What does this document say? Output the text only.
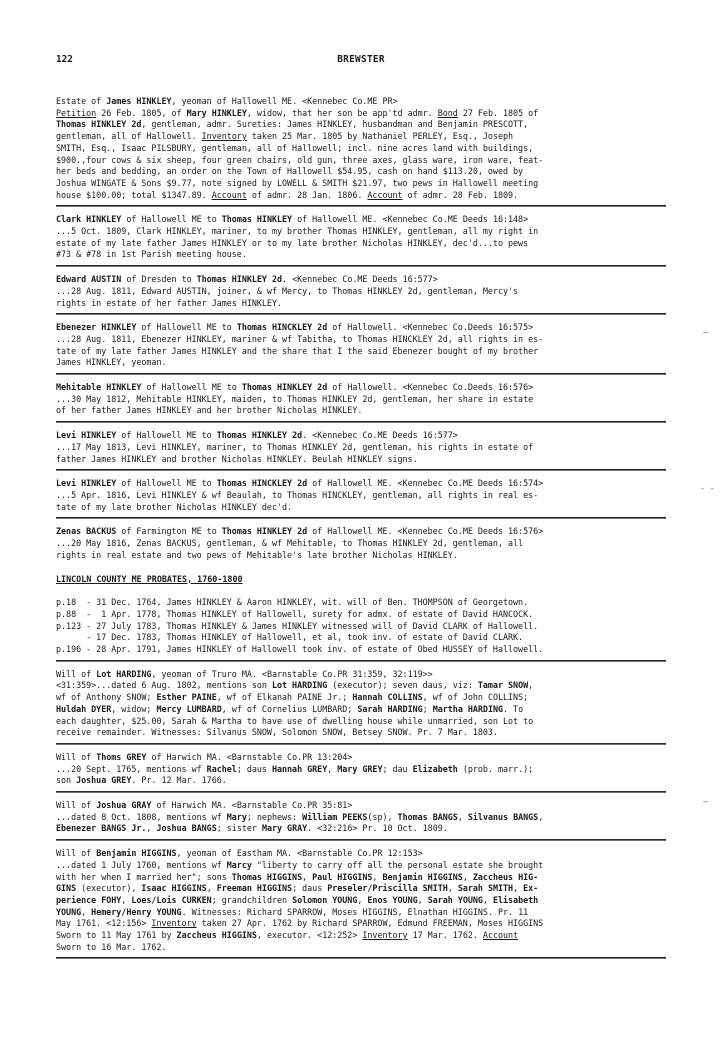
122	BREWSTER
Estate of James HINKLEY, yeoman of Hallowell ME. <Kennebec Co.ME PR>
Petition 26 Feb. 1805, of Mary HINKLEY, widow, that her son be app'td admr. Bond 27 Feb. 1805 of
Thomas HINKLEY 2d, gentleman, admr. Sureties: James HINKLEY, husbandman and Benjamin PRESCOTT,
gentleman, all of Hallowell. Inventory taken 25 Mar. 1805 by Nathaniel PERLEY, Esq., Joseph
SMITH, Esq., Isaac PILSBURY, gentleman, all of Hallowell; incl. nine acres land with buildings,
$900.,four cows & six sheep, four green chairs, old gun, three axes, glass ware, iron ware, feat-
her beds and bedding, an order on the Town of Hallowell $54.95, cash on hand $113.20, owed by
Joshua WINGATE & Sons $9.77, note signed by LOWELL & SMITH $21.97, two pews in Hallowell meeting
house $100.00; total $1347.89. Account of admr. 28 Jan. 1806. Account of admr. 28 Feb. 1809.
Clark HINKLEY of Hallowell ME to Thomas HINKLEY of Hallowell ME. <Kennebec Co.ME Deeds 16:148>
...5 Oct. 1809, Clark HINKLEY, mariner, to my brother Thomas HINKLEY, gentleman, all my right in
estate of my late father James HINKLEY or to my late brother Nicholas HINKLEY, dec'd...to pews
#73 & #78 in 1st Parish meeting house.
Edward AUSTIN of Dresden to Thomas HINKLEY 2d. <Kennebec Co.ME Deeds 16:577>
...28 Aug. 1811, Edward AUSTIN, joiner, & wf Mercy, to Thomas HINKLEY 2d, gentleman, Mercy's
rights in estate of her father James HINKLEY.
Ebenezer HINKLEY of Hallowell ME to Thomas HINCKLEY 2d of Hallowell. <Kennebec Co.Deeds 16:575>
...28 Aug. 1811, Ebenezer HINKLEY, mariner & wf Tabitha, to Thomas HINCKLEY 2d, all rights in es-
tate of my late father James HINKLEY and the share that I the said Ebenezer bought of my brother
James HINKLEY, yeoman.
Mehitable HINKLEY of Hallowell ME to Thomas HINKLEY 2d of Hallowell. <Kennebec Co.Deeds 16:576>
...30 May 1812, Mehitable HINKLEY, maiden, to Thomas HINKLEY 2d, gentleman, her share in estate
of her father James HINKLEY and her brother Nicholas HINKLEY.
Levi HINKLEY of Hallowell ME to Thomas HINKLEY 2d. <Kennebec Co.ME Deeds 16:577>
...17 May 1813, Levi HINKLEY, mariner, to Thomas HINKLEY 2d, gentleman, his rights in estate of
father James HINKLEY and brother Nicholas HINKLEY. Beulah HINKLEY signs.
Levi HINKLEY of Hallowell ME to Thomas HINCKLEY 2d of Hallowell ME. <Kennebec Co.ME Deeds 16:574>
...5 Apr. 1816, Levi HINKLEY & wf Beaulah, to Thomas HINCKLEY, gentleman, all rights in real es-
tate of my late brother Nicholas HINKLEY dec'd.
Zenas BACKUS of Farmington ME to Thomas HINKLEY 2d of Hallowell ME. <Kennebec Co.ME Deeds 16:576>
...20 May 1816, Zenas BACKUS, gentleman, & wf Mehitable, to Thomas HINKLEY 2d, gentleman, all
rights in real estate and two pews of Mehitable's late brother Nicholas HINKLEY.
LINCOLN COUNTY ME PROBATES, 1760-1800
p.18  - 31 Dec. 1764, James HINKLEY & Aaron HINKLEY, wit. will of Ben. THOMPSON of Georgetown.
p.88  -  1 Apr. 1778, Thomas HINKLEY of Hallowell, surety for admx. of estate of David HANCOCK.
p.123 - 27 July 1783, Thomas HINKLEY & James HINKLEY witnessed will of David CLARK of Hallowell.
- 17 Dec. 1783, Thomas HINKLEY of Hallowell, et al, took inv. of estate of David CLARK.
p.196 - 28 Apr. 1791, James HINKLEY of Hallowell took inv. of estate of Obed HUSSEY of Hallowell.
Will of Lot HARDING, yeoman of Truro MA. <Barnstable Co.PR 31:359, 32:119>>
<31:359>...dated 6 Aug. 1802, mentions son Lot HARDING (executor); seven daus, viz: Tamar SNOW,
wf of Anthony SNOW; Esther PAINE, wf of Elkanah PAINE Jr.; Hannah COLLINS, wf of John COLLINS;
Huldah DYER, widow; Mercy LUMBARD, wf of Cornelius LUMBARD; Sarah HARDING; Martha HARDING. To
each daughter, $25.00, Sarah & Martha to have use of dwelling house while unmarried, son Lot to
receive remainder. Witnesses: Silvanus SNOW, Solomon SNOW, Betsey SNOW. Pr. 7 Mar. 1803.
Will of Thoms GREY of Harwich MA. <Barnstable Co.PR 13:204>
...20 Sept. 1765, mentions wf Rachel; daus Hannah GREY, Mary GREY; dau Elizabeth (prob. marr.);
son Joshua GREY. Pr. 12 Mar. 1766.
Will of Joshua GRAY of Harwich MA. <Barnstable Co.PR 35:81>
...dated 8 Oct. 1808, mentions wf Mary; nephews: William PEEKS(sp), Thomas BANGS, Silvanus BANGS,
Ebenezer BANGS Jr., Joshua BANGS; sister Mary GRAY. <32:216> Pr. 10 Oct. 1809.
Will of Benjamin HIGGINS, yeoman of Eastham MA. <Barnstable Co.PR 12:153>
...dated 1 July 1760, mentions wf Marcy "liberty to carry off all the personal estate she brought
with her when I married her"; sons Thomas HIGGINS, Paul HIGGINS, Benjamin HIGGINS, Zaccheus HIG-
GINS (executor), Isaac HIGGINS, Freeman HIGGINS; daus Preseler/Priscilla SMITH, Sarah SMITH, Ex-
perience FOHY, Loes/Lois CURKEN; grandchildren Solomon YOUNG, Enos YOUNG, Sarah YOUNG, Elisabeth
YOUNG, Hemery/Henry YOUNG. Witnesses: Richard SPARROW, Moses HIGGINS, Elnathan HIGGINS. Pr. 11
May 1761. <12:156> Inventory taken 27 Apr. 1762 by Richard SPARROW, Edmund FREEMAN, Moses HIGGINS
Sworn to 11 May 1761 by Zaccheus HIGGINS, executor. <12:252> Inventory 17 Mar. 1762. Account
Sworn to 16 Mar. 1762.
—
- -
—
